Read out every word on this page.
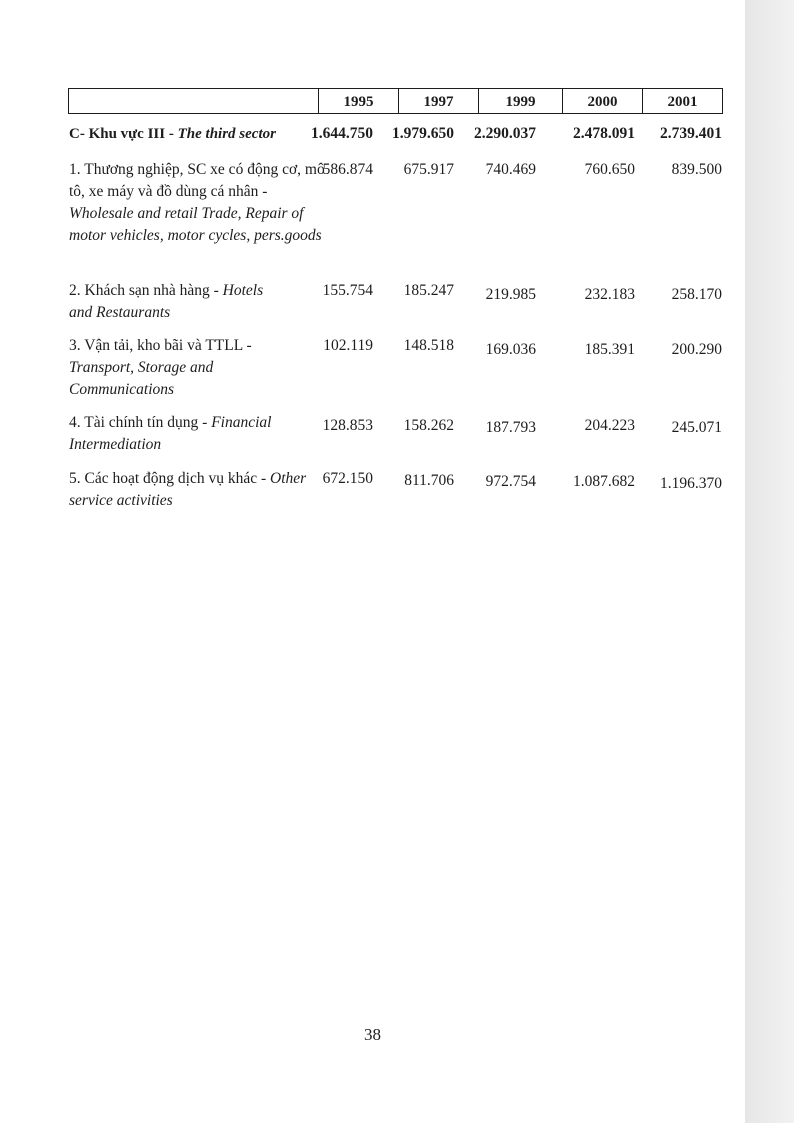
1995	1997	1999	2000	2001
C- Khu vực III - The third sector	1.644.750 1.979.650 2.290.037 2.478.091 2.739.401
1. Thương nghiệp, SC xe có động cơ, mô tô, xe máy và đồ dùng cá nhân - Wholesale and retail Trade, Repair of motor vehicles, motor cycles, pers.goods
586.874 675.917 740.469	760.650 839.500
2. Khách sạn nhà hàng - Hotels and Restaurants
155.754 185.247 219.985	232.183 258.170
3. Vận tải, kho bãi và TTLL - Transport, Storage and Communications
102.119 148.518 169.036	185.391 200.290
4. Tài chính tín dụng - Financial Intermediation
128.853 158.262 187.793	204.223 245.071
5. Các hoạt động dịch vụ khác - Other service activities
672.150 811.706 972.754 1.087.682 1.196.370
38
